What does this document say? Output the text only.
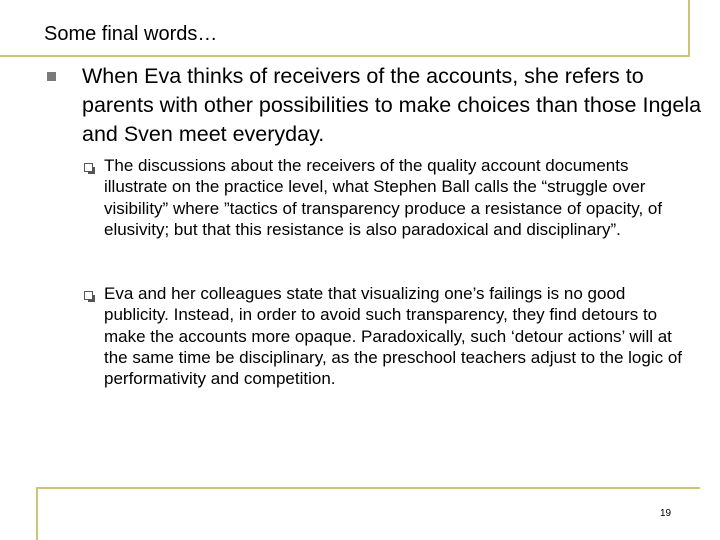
Some final words…
When Eva thinks of receivers of the accounts, she refers to parents with other possibilities to make choices than those Ingela and Sven meet everyday.
The discussions about the receivers of the quality account documents illustrate on the practice level, what Stephen Ball calls the “struggle over visibility” where ”tactics of transparency produce a resistance of opacity, of elusivity; but that this resistance is also paradoxical and disciplinary”.
Eva and her colleagues state that visualizing one’s failings is no good publicity. Instead, in order to avoid such transparency, they find detours to make the accounts more opaque. Paradoxically, such ‘detour actions’ will at the same time be disciplinary, as the preschool teachers adjust to the logic of performativity and competition.
19
